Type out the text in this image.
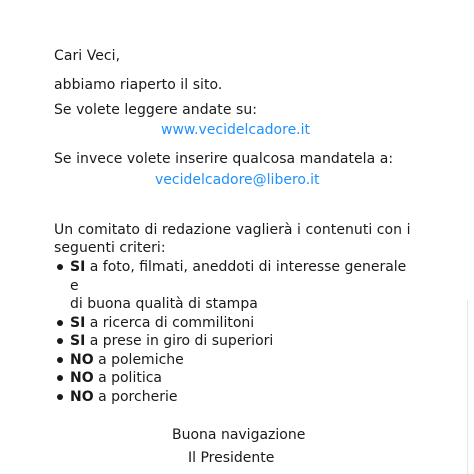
Cari Veci,
abbiamo riaperto il sito.
Se volete leggere andate su:
www.vecidelcadore.it
Se invece volete inserire qualcosa mandatela a:
vecidelcadore@libero.it
Un comitato di redazione vaglierà i contenuti con i
seguenti criteri:
SI a foto, filmati, aneddoti di interesse generale e
di buona qualità di stampa
SI a ricerca di commilitoni
SI a prese in giro di superiori
NO a polemiche
NO a politica
NO a porcherie
Buona navigazione
Il Presidente
